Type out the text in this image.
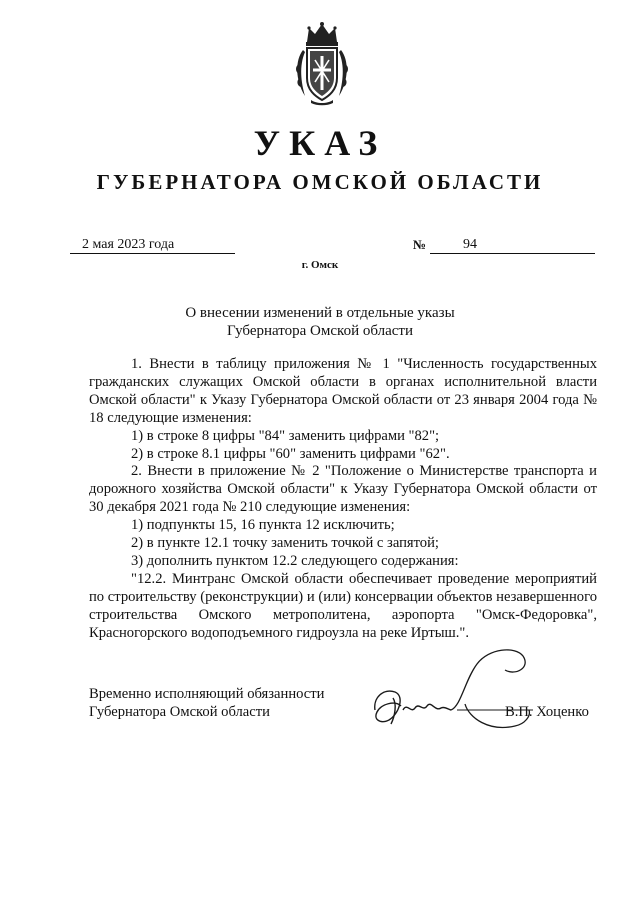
УКАЗ
ГУБЕРНАТОРА ОМСКОЙ ОБЛАСТИ
2 мая 2023 года	№	94
г. Омск
О внесении изменений в отдельные указы
Губернатора Омской области

1. Внести в таблицу приложения № 1 "Численность государственных гражданских служащих Омской области в органах исполнительной власти Омской области" к Указу Губернатора Омской области от 23 января 2004 года № 18 следующие изменения:

1) в строке 8 цифры "84" заменить цифрами "82";

2) в строке 8.1 цифры "60" заменить цифрами "62".

2. Внести в приложение № 2 "Положение о Министерстве транспорта и дорожного хозяйства Омской области" к Указу Губернатора Омской области от 30 декабря 2021 года № 210 следующие изменения:

1) подпункты 15, 16 пункта 12 исключить;

2) в пункте 12.1 точку заменить точкой с запятой;

3) дополнить пунктом 12.2 следующего содержания:

"12.2. Минтранс Омской области обеспечивает проведение мероприятий по строительству (реконструкции) и (или) консервации объектов незавершенного строительства Омского метрополитена, аэропорта "Омск-Федоровка", Красногорского водоподъемного гидроузла на реке Иртыш.".

Временно исполняющий обязанности
Губернатора Омской области	В.П. Хоценко
